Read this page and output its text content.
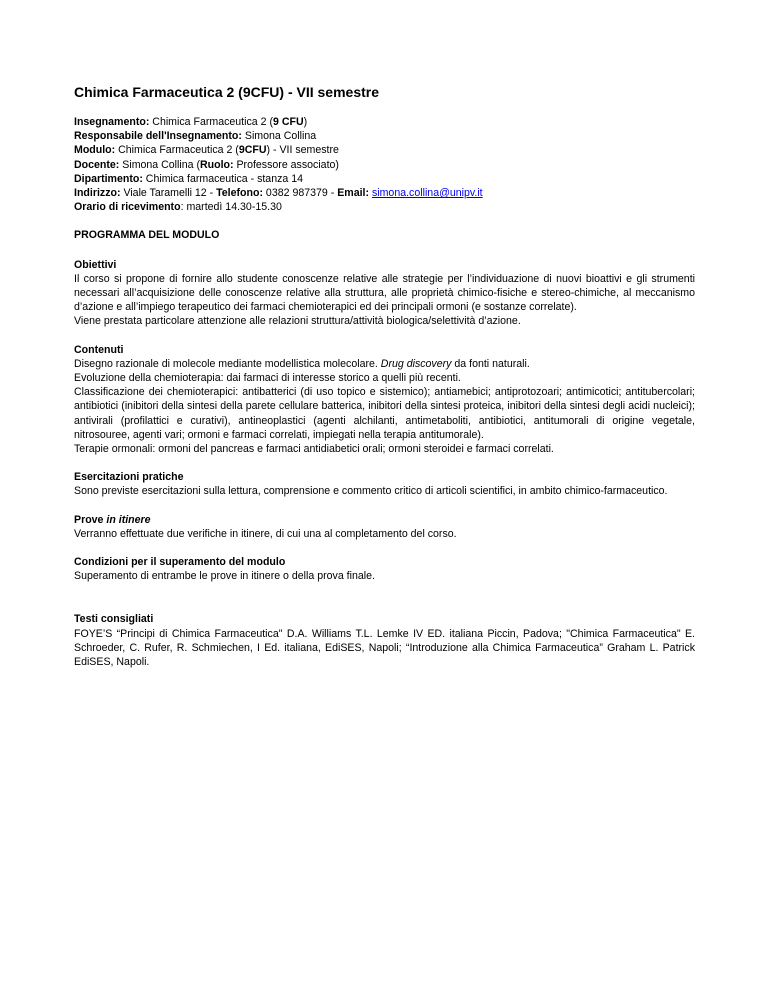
Chimica Farmaceutica 2 (9CFU) - VII semestre
Insegnamento: Chimica Farmaceutica 2 (9 CFU)
Responsabile dell'Insegnamento: Simona Collina
Modulo: Chimica Farmaceutica 2 (9CFU) - VII semestre
Docente: Simona Collina (Ruolo: Professore associato)
Dipartimento: Chimica farmaceutica - stanza 14
Indirizzo: Viale Taramelli 12 - Telefono: 0382 987379 - Email: simona.collina@unipv.it
Orario di ricevimento: martedì 14.30-15.30
PROGRAMMA DEL MODULO
Obiettivi
Il corso si propone di fornire allo studente conoscenze relative alle strategie per l’individuazione di nuovi bioattivi e gli strumenti necessari all’acquisizione delle conoscenze relative alla struttura, alle proprietà chimico-fisiche e stereo-chimiche, al meccanismo d’azione e all’impiego terapeutico dei farmaci chemioterapici ed dei principali ormoni (e sostanze correlate).
Viene prestata particolare attenzione alle relazioni struttura/attività biologica/selettività d’azione.
Contenuti
Disegno razionale di molecole mediante modellistica molecolare. Drug discovery da fonti naturali.
Evoluzione della chemioterapia: dai farmaci di interesse storico a quelli più recenti.
Classificazione dei chemioterapici: antibatterici (di uso topico e sistemico); antiamebici; antiprotozoari; antimicotici; antitubercolari; antibiotici (inibitori della sintesi della parete cellulare batterica, inibitori della sintesi proteica, inibitori della sintesi degli acidi nucleici); antivirali (profilattici e curativi), antineoplastici (agenti alchilanti, antimetaboliti, antibiotici, antitumorali di origine vegetale, nitrosouree, agenti vari; ormoni e farmaci correlati, impiegati nella terapia antitumorale).
Terapie ormonali: ormoni del pancreas e farmaci antidiabetici orali; ormoni steroidei e farmaci correlati.
Esercitazioni pratiche
Sono previste esercitazioni sulla lettura, comprensione e commento critico di articoli scientifici, in ambito chimico-farmaceutico.
Prove in itinere
Verranno effettuate due verifiche in itinere, di cui una al completamento del corso.
Condizioni per il superamento del modulo
Superamento di entrambe le prove in itinere o della prova finale.
Testi consigliati
FOYE’S “Principi di Chimica Farmaceutica" D.A. Williams T.L. Lemke IV ED. italiana Piccin, Padova; "Chimica Farmaceutica" E. Schroeder, C. Rufer, R. Schmiechen, I Ed. italiana, EdiSES, Napoli; “Introduzione alla Chimica Farmaceutica” Graham L. Patrick EdiSES, Napoli.
